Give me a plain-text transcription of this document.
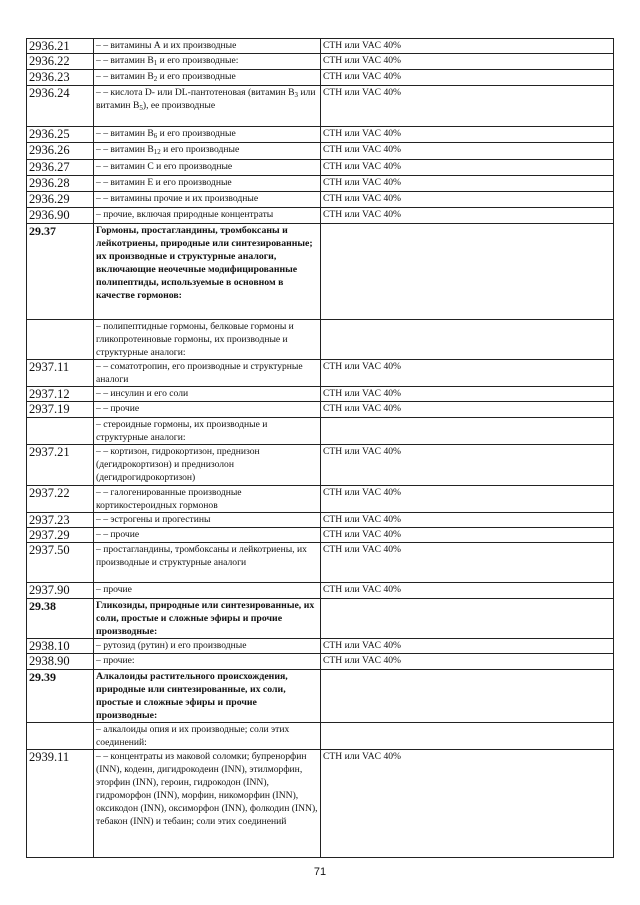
2936.21	– – витамины А и их производные	СТН или VAC 40%
2936.22	– – витамин $B_1$ и его производные:	СТН или VAC 40%
2936.23	– – витамин $B_2$ и его производные	СТН или VAC 40%
2936.24	– – кислота D- или DL-пантотеновая (витамин $B_3$ или витамин $B_5$), ее производные	СТН или VAC 40%
2936.25	– – витамин $B_6$ и его производные	СТН или VAC 40%
2936.26	– – витамин $B_{12}$ и его производные	СТН или VAC 40%
2936.27	– – витамин C и его производные	СТН или VAC 40%
2936.28	– – витамин Е и его производные	СТН или VAC 40%
2936.29	– – витамины прочие и их производные	СТН или VAC 40%
2936.90	– прочие, включая природные концентраты	СТН или VAC 40%
29.37	Гормоны, простагландины, тромбоксаны и лейкотриены, природные или синтезированные; их производные и структурные аналоги, включающие неочечные модифицированные полипептиды, используемые в основном в качестве гормонов:	
	– полипептидные гормоны, белковые гормоны и гликопротеиновые гормоны, их производные и структурные аналоги:	
2937.11	– – соматотропин, его производные и структурные аналоги	СТН или VAC 40%
2937.12	– – инсулин и его соли	СТН или VAC 40%
2937.19	– – прочие	СТН или VAC 40%
	– стероидные гормоны, их производные и структурные аналоги:	
2937.21	– – кортизон, гидрокортизон, преднизон (дегидрокортизон) и преднизолон (дегидрогидрокортизон)	СТН или VAC 40%
2937.22	– – галогенированные производные кортикостероидных гормонов	СТН или VAC 40%
2937.23	– – эстрогены и прогестины	СТН или VAC 40%
2937.29	– – прочие	СТН или VAC 40%
2937.50	– простагландины, тромбоксаны и лейкотриены, их производные и структурные аналоги	СТН или VAC 40%
2937.90	– прочие	СТН или VAC 40%
29.38	Гликозиды, природные или синтезированные, их соли, простые и сложные эфиры и прочие производные:	
2938.10	– рутозид (рутин) и его производные	СТН или VAC 40%
2938.90	– прочие:	СТН или VAC 40%
29.39	Алкалоиды растительного происхождения, природные или синтезированные, их соли, простые и сложные эфиры и прочие производные:	
	– алкалоиды опия и их производные; соли этих соединений:	
2939.11	– – концентраты из маковой соломки; бупренорфин (INN), кодеин, дигидрокодеин (INN), этилморфин, эторфин (INN), героин, гидрокодон (INN), гидроморфон (INN), морфин, никоморфин (INN), оксикодон (INN), оксиморфон (INN), фолкодин (INN), тебакон (INN) и тебаин; соли этих соединений	СТН или VAC 40%
71
